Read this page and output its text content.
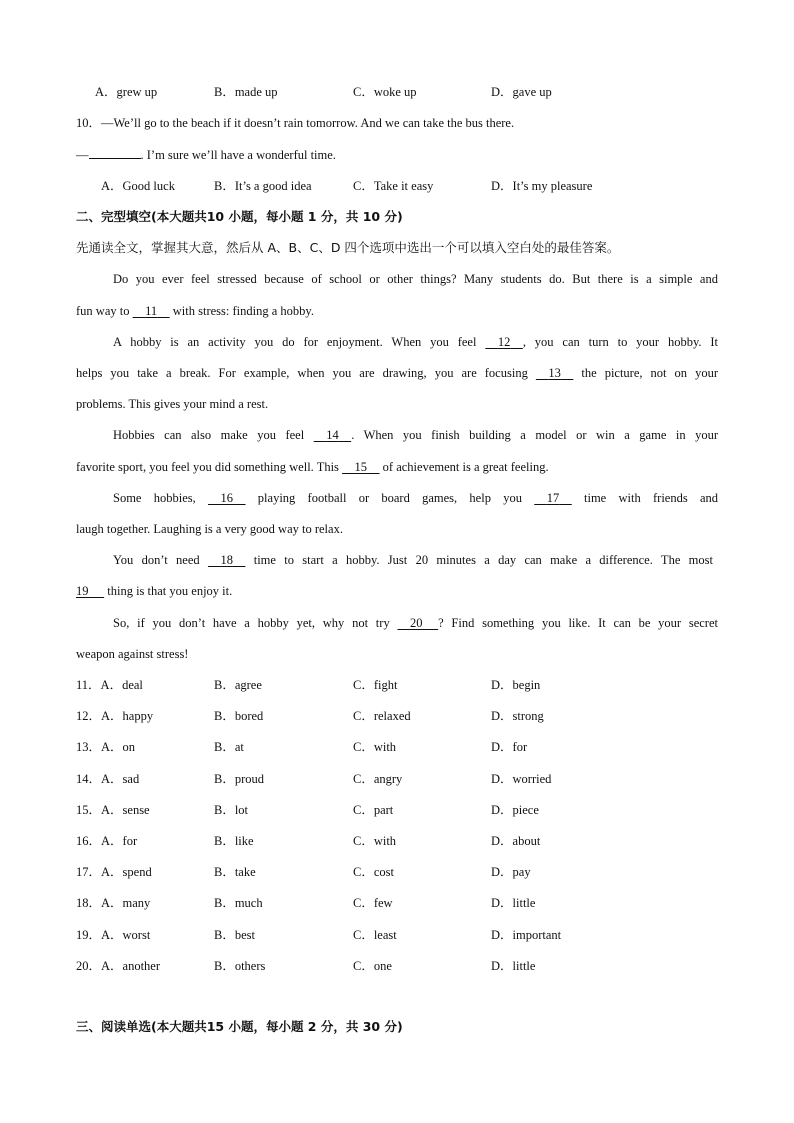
A．grew up	B．made up	C．woke up	D．gave up
10．—We’ll go to the beach if it doesn’t rain tomorrow. And we can take the bus there.
—	. I’m sure we’ll have a wonderful time.
A．Good luck	B．It’s a good idea	C．Take it easy	D．It’s my pleasure
二、完型填空(本大题共10 小题，每小题 1 分，共 10 分)
先通读全文，掌握其大意，然后从 A、B、C、D 四个选项中选出一个可以填入空白处的最佳答案。
Do you ever feel stressed because of school or other things? Many students do. But there is a simple and
fun way to     11     with stress: finding a hobby.
A hobby is an activity you do for enjoyment. When you feel     12 , you can turn to your hobby. It
helps you take a break. For example, when you are drawing, you are focusing     13     the picture, not on your
problems. This gives your mind a rest.
Hobbies can also make you feel     14 . When you finish building a model or win a game in your
favorite sport, you feel you did something well. This     15     of achievement is a great feeling.
Some hobbies,     16     playing football or board games, help you     17     time with friends and
laugh together. Laughing is a very good way to relax.
You don’t need     18     time to start a hobby. Just 20 minutes a day can make a difference. The most
19      thing is that you enjoy it.
So, if you don’t have a hobby yet, why not try     20 ? Find something you like. It can be your secret
weapon against stress!
11．A．deal	B．agree	C．fight	D．begin
12．A．happy	B．bored	C．relaxed	D．strong
13．A．on	B．at	C．with	D．for
14．A．sad	B．proud	C．angry	D．worried
15．A．sense	B．lot	C．part	D．piece
16．A．for	B．like	C．with	D．about
17．A．spend	B．take	C．cost	D．pay
18．A．many	B．much	C．few	D．little
19．A．worst	B．best	C．least	D．important
20．A．another	B．others	C．one	D．little
三、阅读单选(本大题共15 小题，每小题 2 分，共 30 分)
